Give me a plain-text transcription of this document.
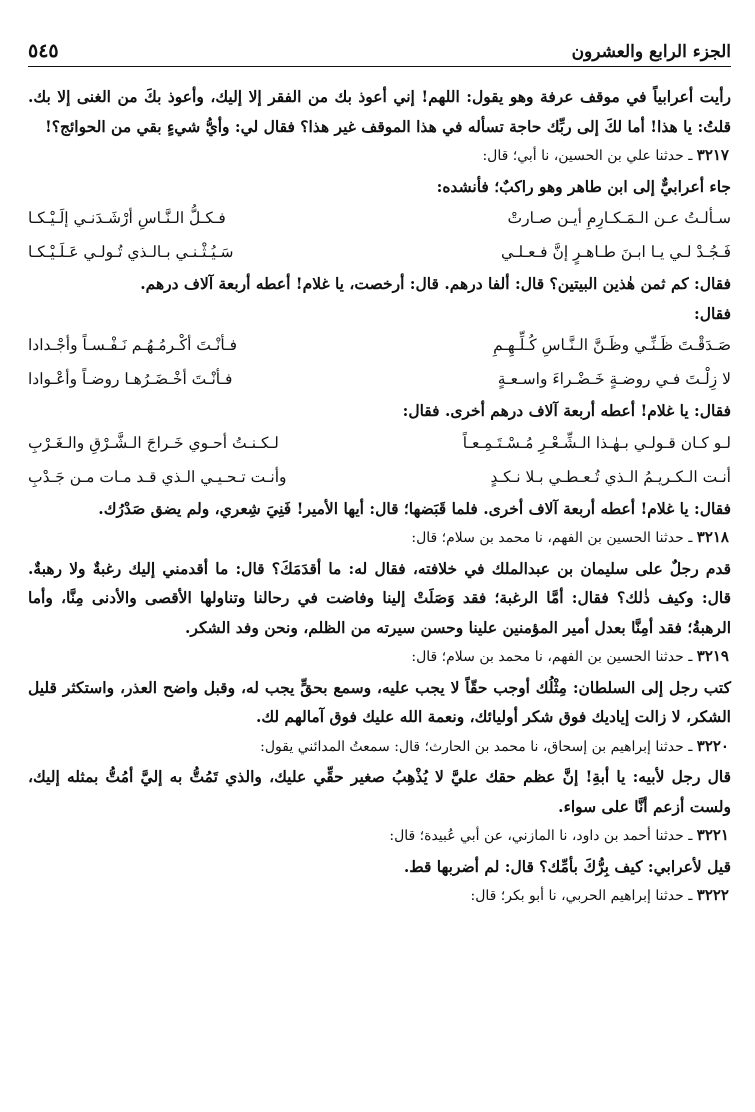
الجزء الرابع والعشرون
٥٤٥

رأيت أعرابياً في موقف عرفة وهو يقول: اللهم! إني أعوذ بك من الفقر إلا إليك، وأعوذ بكَ من الغنى إلا بك. قلتُ: يا هذا! أما لكَ إلى ربِّك حاجة تسأله في هذا الموقف غير هذا؟ فقال لي: وأيُّ شيءٍ بقي من الحوائج؟!

٣٢١٧ ـ حدثنا علي بن الحسين، نا أبي؛ قال:

جاء أعرابيٌّ إلى ابن طاهر وهو راكبٌ؛ فأنشده:

سـألـتُ عـن الـمَـكـارِمِ أيـن صـارتْ
فـكـلُّ الـنَّـاسِ أرْشَـدَنـي إلَـيْـكـا
فَـجُـدْ لـي يـا ابـنَ طـاهـرٍ إنَّ فـعـلـي
سَـيُـثْـنـي بـالـذي تُـولـي عَـلَـيْـكـا

فقال: كم ثمن هٰذين البيتين؟ قال: ألفا درهم. قال: أرخصت، يا غلام! أعطه أربعة آلاف درهم.

فقال:

صَـدَقْـتَ ظَـنِّـي وظَـنَّ الـنَّـاسِ كُـلِّـهِـمِ
فـأنْـتَ أكْـرمُـهُـم نَـفْـسـاً وأجْـدادا
لا زِلْـتَ فـي روضـةٍ خَـضْـراءَ واسـعـةٍ
فـأنْـتَ أخْـضَـرُهـا روضـاً وأعْـوادا

فقال: يا غلام! أعطه أربعة آلاف درهم أخرى. فقال:

لـو كـان قـولـي بـهٰـذا الـشِّـعْـرِ مُـسْـتَـمِـعـاً
لـكـنـتُ أحـوي خَـراجَ الـشَّـرْقِ والـغَـرْبِ
أنـت الـكـريـمُ الـذي تُـعـطـي بـلا نـكـدٍ
وأنـت تـحـيـي الـذي قـد مـات مـن جَـدْبِ

فقال: يا غلام! أعطه أربعة آلاف أخرى. فلما قَبَضها؛ قال: أيها الأمير! فَنِيَ شِعري، ولم يضق صَدْرُك.

٣٢١٨ ـ حدثنا الحسين بن الفهم، نا محمد بن سلام؛ قال:

قدم رجلٌ على سليمان بن عبدالملك في خلافته، فقال له: ما أقدَمَكَ؟ قال: ما أقدمني إليك رغبةٌ ولا رهبةٌ. قال: وكيف ذٰلك؟ فقال: أمَّا الرغبة؛ فقد وَصَلَتْ إلينا وفاضت في رحالنا وتناولها الأقصى والأدنى مِنَّا، وأما الرهبةُ؛ فقد أمِنَّا بعدل أمير المؤمنين علينا وحسن سيرته من الظلم، ونحن وفد الشكر.

٣٢١٩ ـ حدثنا الحسين بن الفهم، نا محمد بن سلام؛ قال:

كتب رجل إلى السلطان: مِثْلُك أوجب حقّاً لا يجب عليه، وسمع بحقٍّ يجب له، وقبل واضح العذر، واستكثر قليل الشكر، لا زالت إياديك فوق شكر أوليائك، ونعمة الله عليك فوق آمالهم لك.

٣٢٢٠ ـ حدثنا إبراهيم بن إسحاق، نا محمد بن الحارث؛ قال: سمعتُ المدائني يقول:

قال رجل لأبيه: يا أبةِ! إنَّ عظم حقك عليَّ لا يُذْهِبُ صغير حقِّي عليك، والذي تَمُتُّ به إليَّ أمُتُّ بمثله إليك، ولست أزعم أنَّا على سواء.

٣٢٢١ ـ حدثنا أحمد بن داود، نا المازني، عن أبي عُبيدة؛ قال:

قيل لأعرابي: كيف بِرُّكَ بأمِّك؟ قال: لم أضربها قط.

٣٢٢٢ ـ حدثنا إبراهيم الحربي، نا أبو بكر؛ قال:
